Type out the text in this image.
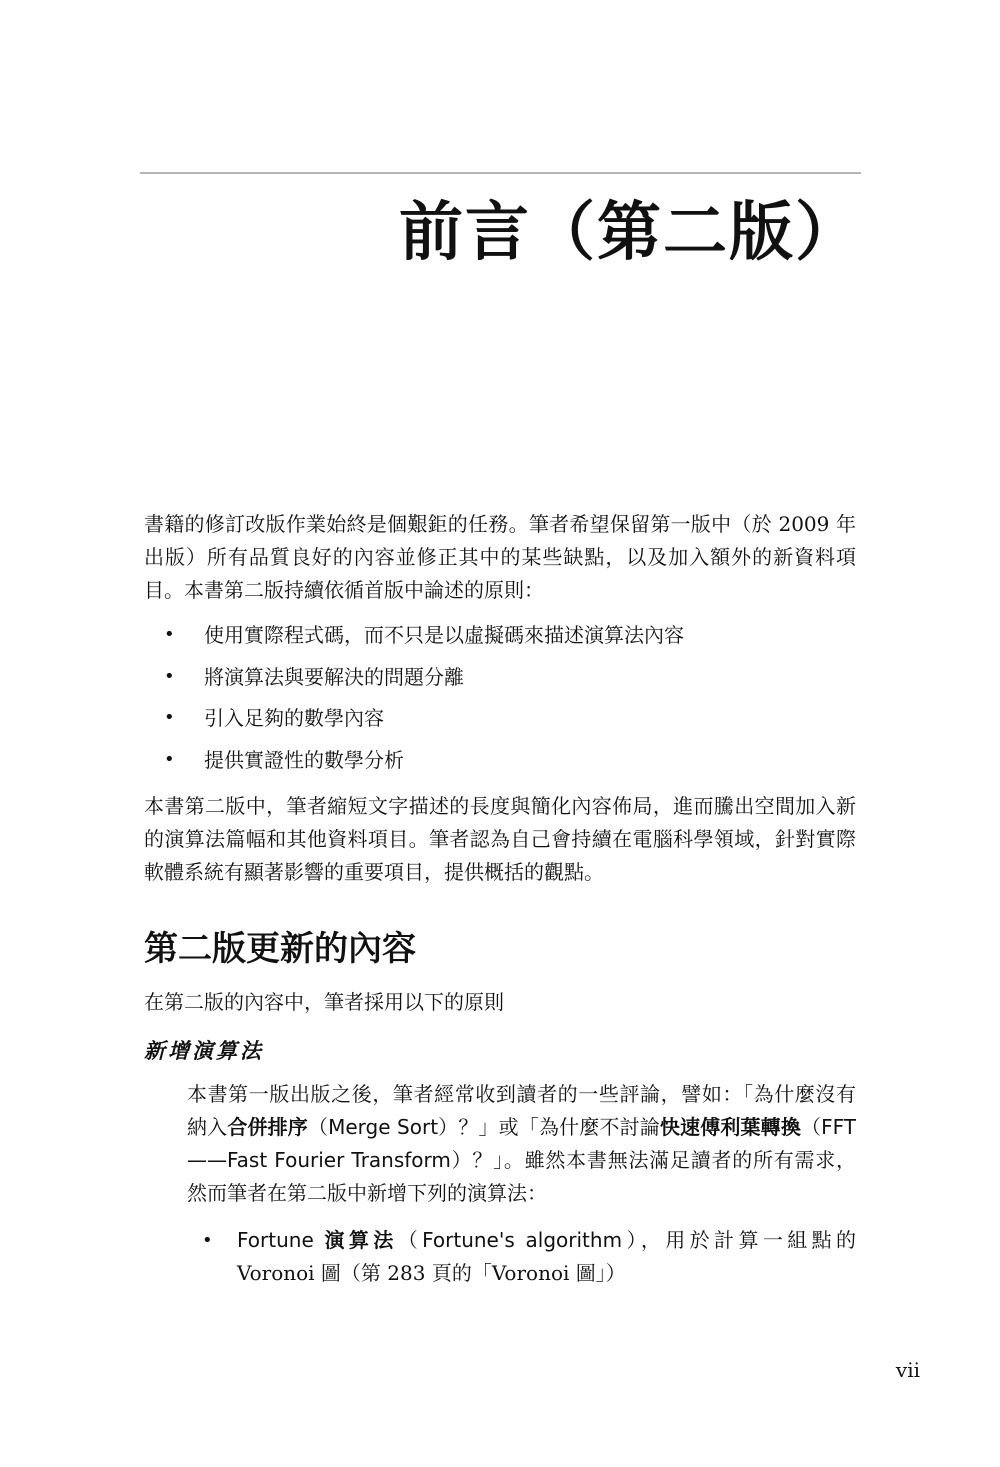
前言（第二版）

書籍的修訂改版作業始終是個艱鉅的任務。筆者希望保留第一版中（於 2009 年出版）所有品質良好的內容並修正其中的某些缺點，以及加入額外的新資料項目。本書第二版持續依循首版中論述的原則：

• 使用實際程式碼，而不只是以虛擬碼來描述演算法內容
• 將演算法與要解決的問題分離
• 引入足夠的數學內容
• 提供實證性的數學分析

本書第二版中，筆者縮短文字描述的長度與簡化內容佈局，進而騰出空間加入新的演算法篇幅和其他資料項目。筆者認為自己會持續在電腦科學領域，針對實際軟體系統有顯著影響的重要項目，提供概括的觀點。

第二版更新的內容

在第二版的內容中，筆者採用以下的原則

新增演算法

本書第一版出版之後，筆者經常收到讀者的一些評論，譬如：「為什麼沒有納入合併排序（Merge Sort）？」或「為什麼不討論快速傅利葉轉換（FFT——Fast Fourier Transform）？」。雖然本書無法滿足讀者的所有需求，然而筆者在第二版中新增下列的演算法：

• Fortune 演算法（Fortune's algorithm），用於計算一組點的 Voronoi 圖（第 283 頁的「Voronoi 圖」）

vii
